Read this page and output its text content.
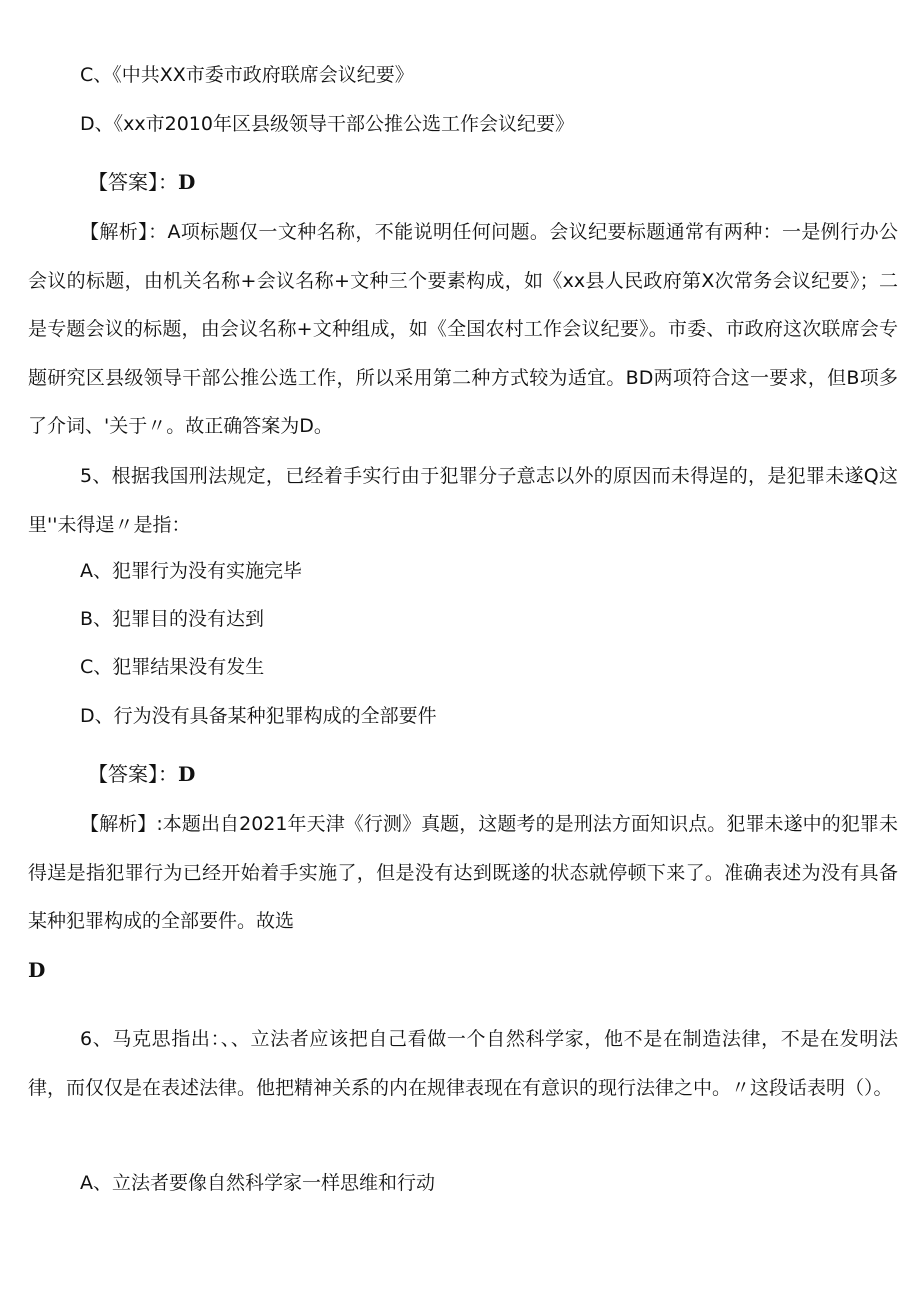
C、《中共XX市委市政府联席会议纪要》
D、《xx市2010年区县级领导干部公推公选工作会议纪要》
【答案】：D

【解析】：A项标题仅一文种名称，不能说明任何问题。会议纪要标题通常有两种：一是例行办公会议的标题，由机关名称+会议名称+文种三个要素构成，如《xx县人民政府第X次常务会议纪要》；二是专题会议的标题，由会议名称+文种组成，如《全国农村工作会议纪要》。市委、市政府这次联席会专题研究区县级领导干部公推公选工作，所以采用第二种方式较为适宜。BD两项符合这一要求，但B项多了介词、'关于〃。故正确答案为D。

5、根据我国刑法规定，已经着手实行由于犯罪分子意志以外的原因而未得逞的，是犯罪未遂Q这里''未得逞〃是指：

A、犯罪行为没有实施完毕
B、犯罪目的没有达到
C、犯罪结果没有发生
D、行为没有具备某种犯罪构成的全部要件
【答案】：D

【解析】:本题出自2021年天津《行测》真题，这题考的是刑法方面知识点。犯罪未遂中的犯罪未得逞是指犯罪行为已经开始着手实施了，但是没有达到既遂的状态就停顿下来了。准确表述为没有具备某种犯罪构成的全部要件。故选

D

6、马克思指出：、、立法者应该把自己看做一个自然科学家，他不是在制造法律，不是在发明法律，而仅仅是在表述法律。他把精神关系的内在规律表现在有意识的现行法律之中。〃这段话表明（）。

A、立法者要像自然科学家一样思维和行动
